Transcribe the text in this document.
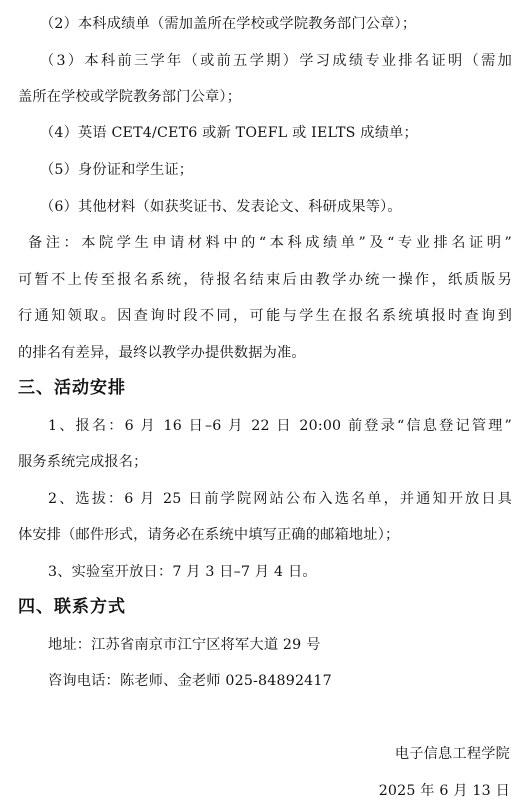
（2）本科成绩单（需加盖所在学校或学院教务部门公章）；
（3）本科前三学年（或前五学期）学习成绩专业排名证明（需加
盖所在学校或学院教务部门公章）；
（4）英语 CET4/CET6 或新 TOEFL 或 IELTS 成绩单；
（5）身份证和学生证；
（6）其他材料（如获奖证书、发表论文、科研成果等）。
备注：本院学生申请材料中的“本科成绩单”及“专业排名证明”
可暂不上传至报名系统，待报名结束后由教学办统一操作，纸质版另
行通知领取。因查询时段不同，可能与学生在报名系统填报时查询到
的排名有差异，最终以教学办提供数据为准。
三、活动安排
1、报名：6 月 16 日–6 月 22 日 20:00 前登录“信息登记管理”
服务系统完成报名；
2、选拔：6 月 25 日前学院网站公布入选名单，并通知开放日具
体安排（邮件形式，请务必在系统中填写正确的邮箱地址）；
3、实验室开放日：7 月 3 日–7 月 4 日。
四、联系方式
地址：江苏省南京市江宁区将军大道 29 号
咨询电话：陈老师、金老师 025-84892417
电子信息工程学院
2025 年 6 月 13 日
